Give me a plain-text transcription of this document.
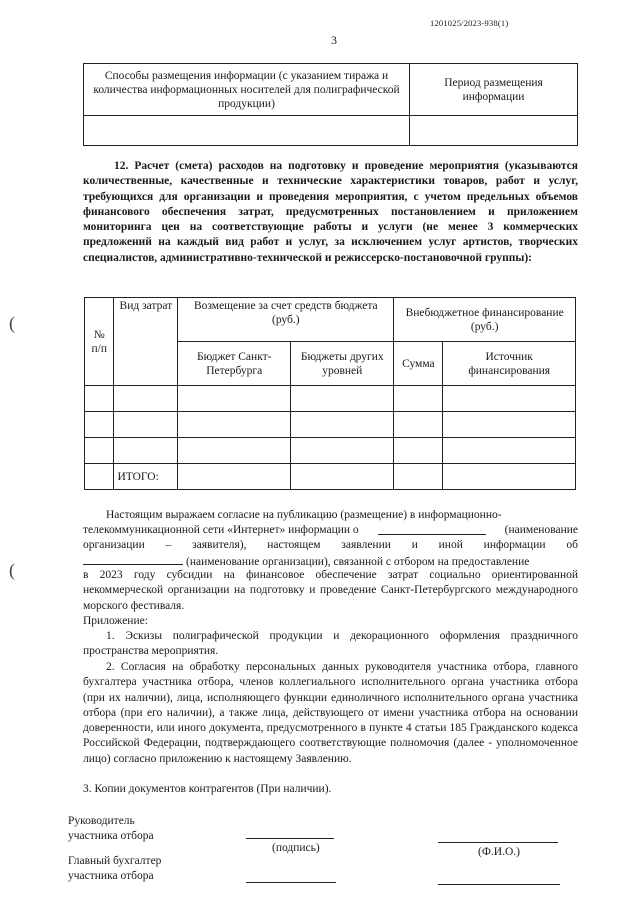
1201025/2023-938(1)
3
(
(
Способы размещения информации (с указанием тиража и количества информационных носителей для полиграфической продукции)	Период размещения информации

12. Расчет (смета) расходов на подготовку и проведение мероприятия (указываются количественные, качественные и технические характеристики товаров, работ и услуг, требующихся для организации и проведения мероприятия, с учетом предельных объемов финансового обеспечения затрат, предусмотренных постановлением и приложением мониторинга цен на соответствующие работы и услуги (не менее 3 коммерческих предложений на каждый вид работ и услуг, за исключением услуг артистов, творческих специалистов, административно-технической и режиссерско-постановочной группы):
№ п/п	Вид затрат	Возмещение за счет средств бюджета (руб.)		Внебюджетное финансирование (руб.)	
		Бюджет Санкт-Петербурга	Бюджеты других уровней	Сумма	Источник финансирования

	ИТОГО:				
Настоящим выражаем согласие на публикацию (размещение) в информационно-
телекоммуникационной сети «Интернет» информации о	(наименование
организации – заявителя), настоящем заявлении и иной информации об
(наименование организации), связанной с отбором на предоставление
в 2023 году субсидии на финансовое обеспечение затрат социально ориентированной некоммерческой организации на подготовку и проведение Санкт-Петербургского международного морского фестиваля.
Приложение:
1. Эскизы полиграфической продукции и декорационного оформления праздничного пространства мероприятия.
2. Согласия на обработку персональных данных руководителя участника отбора, главного бухгалтера участника отбора, членов коллегиального исполнительного органа участника отбора (при их наличии), лица, исполняющего функции единоличного исполнительного органа участника отбора (при его наличии), а также лица, действующего от имени участника отбора на основании доверенности, или иного документа, предусмотренного в пункте 4 статьи 185 Гражданского кодекса Российской Федерации, подтверждающего соответствующие полномочия (далее - уполномоченное лицо) согласно приложению к настоящему Заявлению.
3. Копии документов контрагентов (При наличии).
Руководитель
участника отбора
(подпись)	(Ф.И.О.)
Главный бухгалтер
участника отбора
